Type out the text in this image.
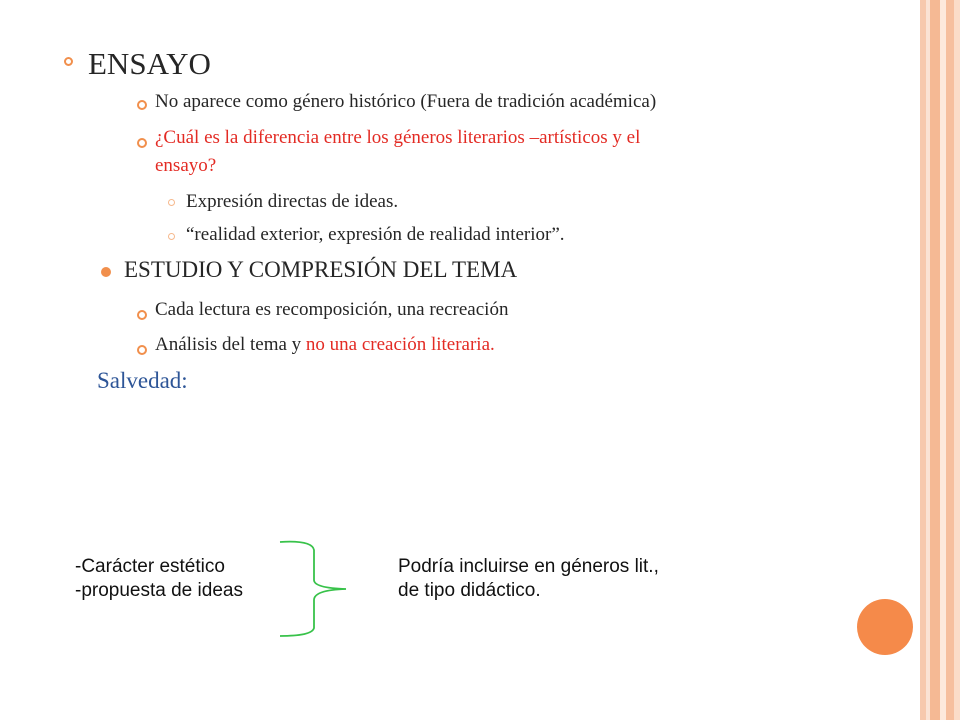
ENSAYO
No aparece como género histórico (Fuera de tradición académica)
¿Cuál es la diferencia entre los géneros literarios –artísticos y el
ensayo?
Expresión directas de ideas.
“realidad exterior, expresión de realidad interior”.
ESTUDIO Y COMPRESIÓN DEL TEMA
Cada lectura es recomposición, una recreación
Análisis del tema y no una creación literaria.
Salvedad:
-Carácter estético
-propuesta de ideas
Podría incluirse en géneros lit.,
de tipo didáctico.
